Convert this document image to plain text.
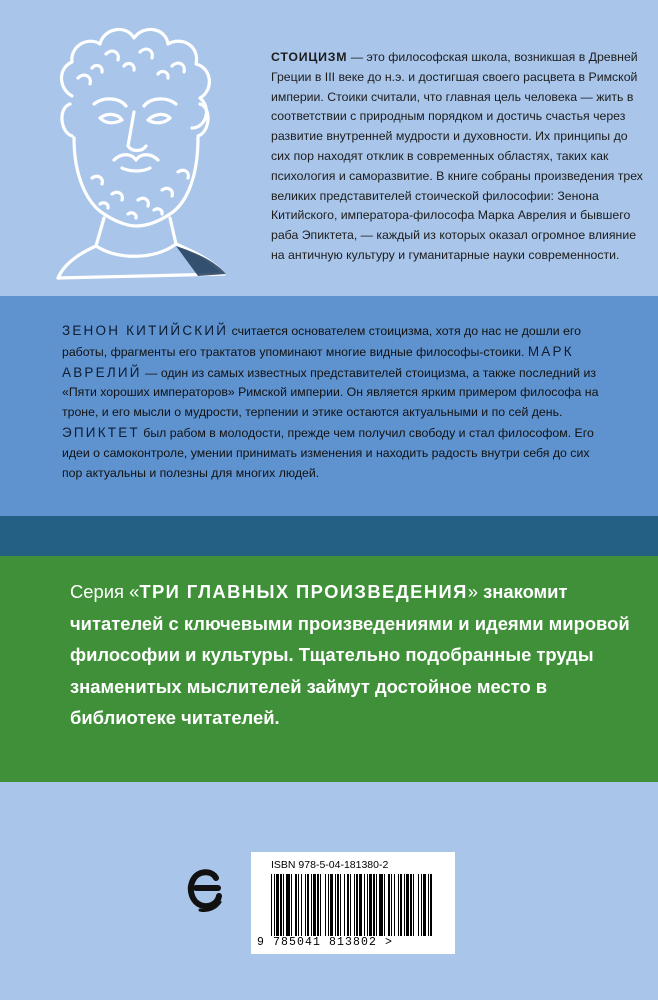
СТОИЦИЗМ — это философская школа, возникшая в Древней Греции в III веке до н.э. и достигшая своего расцвета в Римской империи. Стоики считали, что главная цель человека — жить в соответствии с природным порядком и достичь счастья через развитие внутренней мудрости и духовности. Их принципы до сих пор находят отклик в современных областях, таких как психология и саморазвитие. В книге собраны произведения трех великих представителей стоической философии: Зенона Китийского, императора-философа Марка Аврелия и бывшего раба Эпиктета, — каждый из которых оказал огромное влияние на античную культуру и гуманитарные науки современности.
ЗЕНОН КИТИЙСКИЙ считается основателем стоицизма, хотя до нас не дошли его работы, фрагменты его трактатов упоминают многие видные философы-стоики. МАРК АВРЕЛИЙ — один из самых известных представителей стоицизма, а также последний из «Пяти хороших императоров» Римской империи. Он является ярким примером философа на троне, и его мысли о мудрости, терпении и этике остаются актуальными и по сей день. ЭПИКТЕТ был рабом в молодости, прежде чем получил свободу и стал философом. Его идеи о самоконтроле, умении принимать изменения и находить радость внутри себя до сих пор актуальны и полезны для многих людей.
Серия «ТРИ ГЛАВНЫХ ПРОИЗВЕДЕНИЯ» знакомит читателей с ключевыми произведениями и идеями мировой философии и культуры. Тщательно подобранные труды знаменитых мыслителей займут достойное место в библиотеке читателей.
ISBN 978-5-04-181380-2
9 785041 813802 >
